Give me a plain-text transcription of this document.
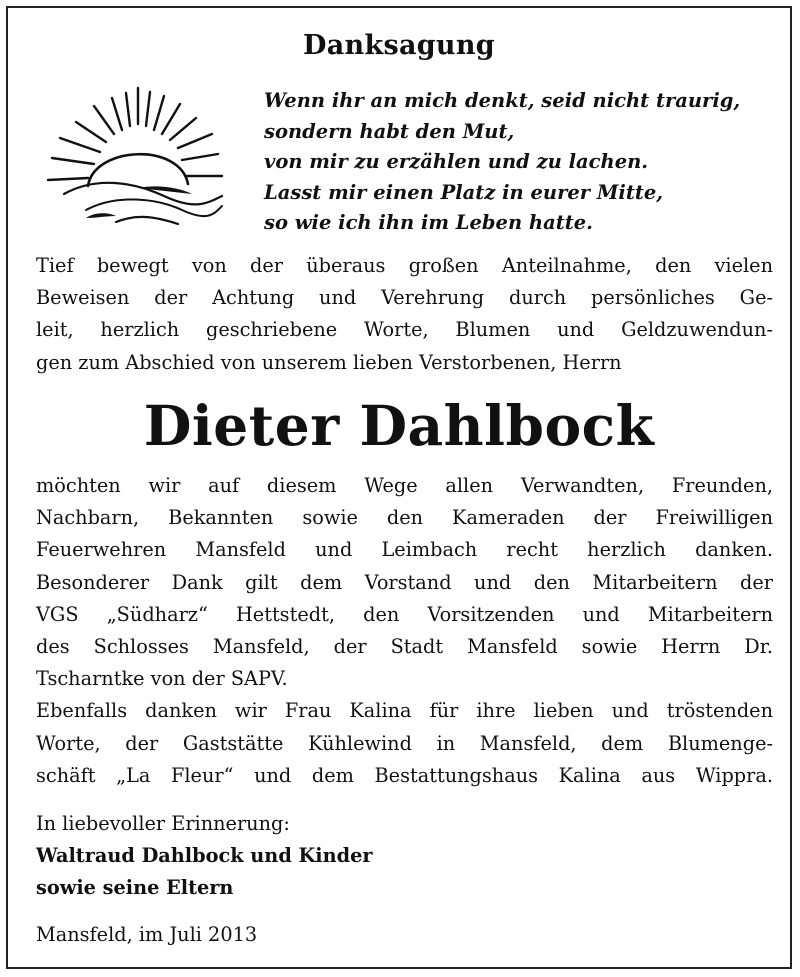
Danksagung
Wenn ihr an mich denkt, seid nicht traurig,
sondern habt den Mut,
von mir zu erzählen und zu lachen.
Lasst mir einen Platz in eurer Mitte,
so wie ich ihn im Leben hatte.
Tief bewegt von der überaus großen Anteilnahme, den vielen
Beweisen der Achtung und Verehrung durch persönliches Ge-
leit, herzlich geschriebene Worte, Blumen und Geldzuwendun-
gen zum Abschied von unserem lieben Verstorbenen, Herrn
Dieter Dahlbock
möchten wir auf diesem Wege allen Verwandten, Freunden,
Nachbarn, Bekannten sowie den Kameraden der Freiwilligen
Feuerwehren Mansfeld und Leimbach recht herzlich danken.
Besonderer Dank gilt dem Vorstand und den Mitarbeitern der
VGS „Südharz“ Hettstedt, den Vorsitzenden und Mitarbeitern
des Schlosses Mansfeld, der Stadt Mansfeld sowie Herrn Dr.
Tscharntke von der SAPV.
Ebenfalls danken wir Frau Kalina für ihre lieben und tröstenden
Worte, der Gaststätte Kühlewind in Mansfeld, dem Blumenge-
schäft „La Fleur“ und dem Bestattungshaus Kalina aus Wippra.
In liebevoller Erinnerung:
Waltraud Dahlbock und Kinder
sowie seine Eltern
Mansfeld, im Juli 2013
